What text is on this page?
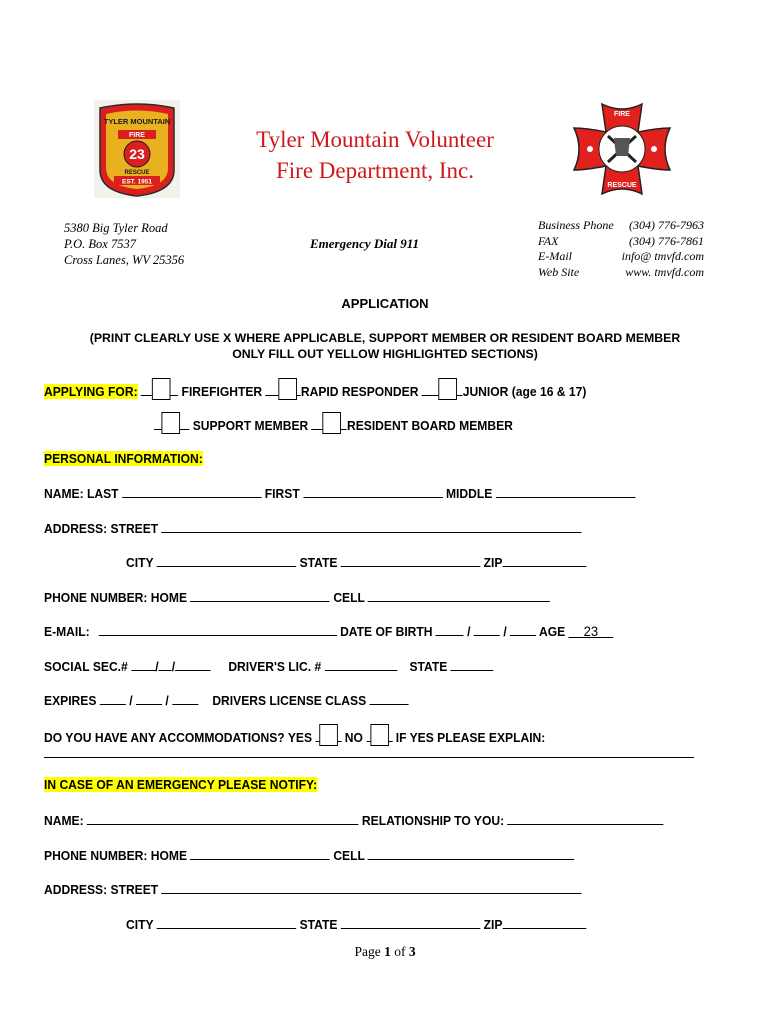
TYLER MOUNTAIN
FIRE
23
RESCUE
EST. 1951
Tyler Mountain Volunteer
Fire Department, Inc.
FIRE
RESCUE
5380 Big Tyler Road
P.O. Box 7537
Cross Lanes, WV 25356
Emergency Dial 911
Business Phone (304) 776-7963
FAX	(304) 776-7861
E-Mail	info@ tmvfd.com
Web Site	www. tmvfd.com
APPLICATION
(PRINT CLEARLY USE X WHERE APPLICABLE, SUPPORT MEMBER OR RESIDENT BOARD MEMBER
ONLY FILL OUT YELLOW HIGHLIGHTED SECTIONS)
APPLYING FOR:	FIREFIGHTER	RAPID RESPONDER	JUNIOR (age 16 & 17)
SUPPORT MEMBER	RESIDENT BOARD MEMBER
PERSONAL INFORMATION:
NAME: LAST	FIRST	MIDDLE
ADDRESS: STREET
CITY	STATE	ZIP
PHONE NUMBER: HOME	CELL
E-MAIL:	DATE OF BIRTH	/	/ AGE 23
SOCIAL SEC.# / /	DRIVER'S LIC. #	STATE
EXPIRES	/	/	DRIVERS LICENSE CLASS
DO YOU HAVE ANY ACCOMMODATIONS? YES	NO	IF YES PLEASE EXPLAIN:
IN CASE OF AN EMERGENCY PLEASE NOTIFY:
NAME:	RELATIONSHIP TO YOU:
PHONE NUMBER: HOME	CELL
ADDRESS: STREET
CITY	STATE	ZIP
Page 1 of 3
